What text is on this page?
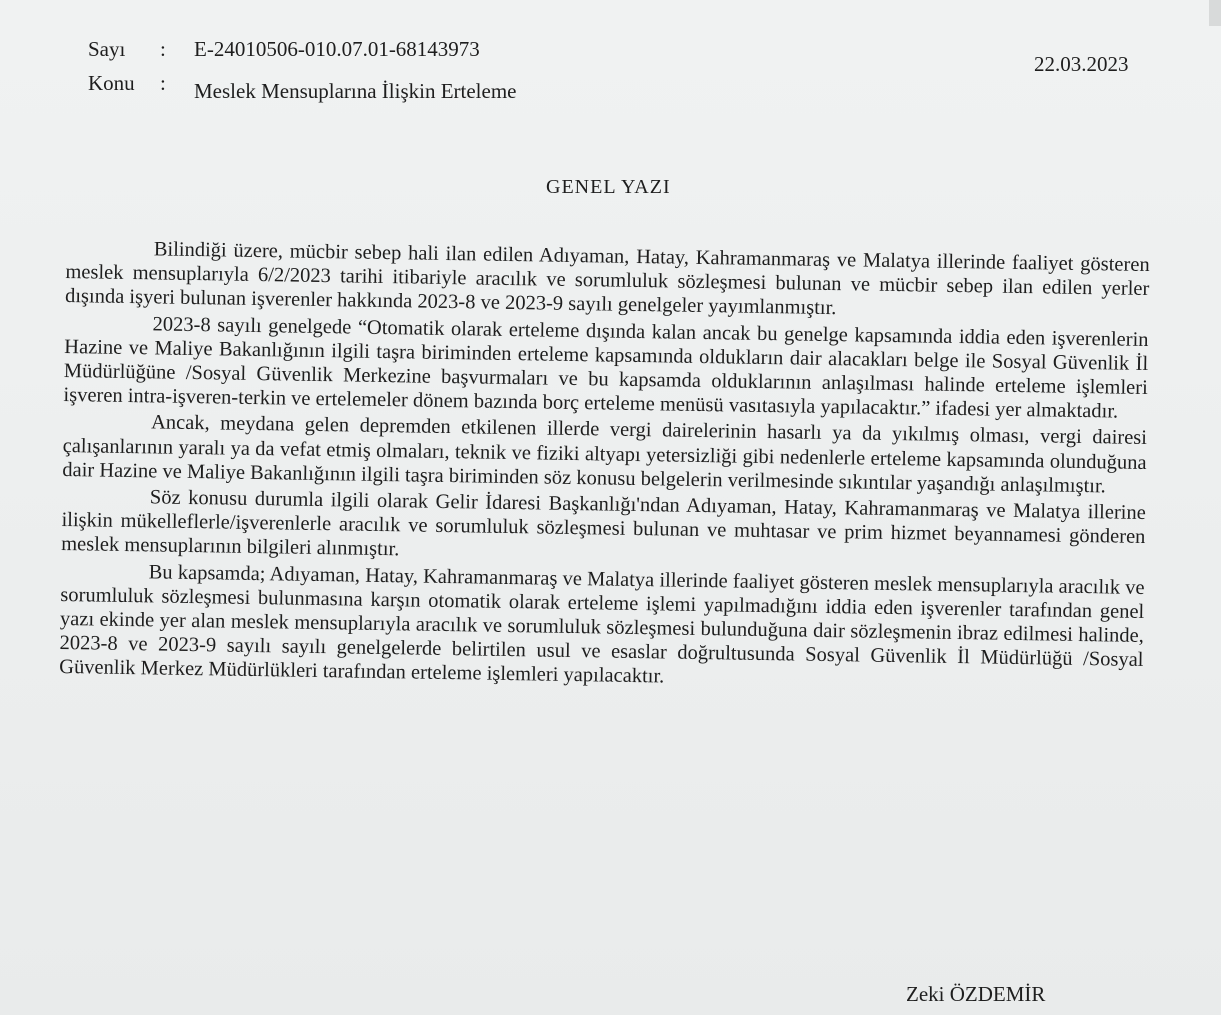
Sayı : E-24010506-010.07.01-68143973
Konu : Meslek Mensuplarına İlişkin Erteleme
22.03.2023
GENEL YAZI

Bilindiği üzere, mücbir sebep hali ilan edilen Adıyaman, Hatay, Kahramanmaraş ve Malatya illerinde faaliyet gösteren meslek mensuplarıyla 6/2/2023 tarihi itibariyle aracılık ve sorumluluk sözleşmesi bulunan ve mücbir sebep ilan edilen yerler dışında işyeri bulunan işverenler hakkında 2023-8 ve 2023-9 sayılı genelgeler yayımlanmıştır.

2023-8 sayılı genelgede “Otomatik olarak erteleme dışında kalan ancak bu genelge kapsamında iddia eden işverenlerin Hazine ve Maliye Bakanlığının ilgili taşra biriminden erteleme kapsamında oldukların dair alacakları belge ile Sosyal Güvenlik İl Müdürlüğüne /Sosyal Güvenlik Merkezine başvurmaları ve bu kapsamda olduklarının anlaşılması halinde erteleme işlemleri işveren intra-işveren-terkin ve ertelemeler dönem bazında borç erteleme menüsü vasıtasıyla yapılacaktır.” ifadesi yer almaktadır.

Ancak, meydana gelen depremden etkilenen illerde vergi dairelerinin hasarlı ya da yıkılmış olması, vergi dairesi çalışanlarının yaralı ya da vefat etmiş olmaları, teknik ve fiziki altyapı yetersizliği gibi nedenlerle erteleme kapsamında olunduğuna dair Hazine ve Maliye Bakanlığının ilgili taşra biriminden söz konusu belgelerin verilmesinde sıkıntılar yaşandığı anlaşılmıştır.

Söz konusu durumla ilgili olarak Gelir İdaresi Başkanlığı'ndan Adıyaman, Hatay, Kahramanmaraş ve Malatya illerine ilişkin mükelleflerle/işverenlerle aracılık ve sorumluluk sözleşmesi bulunan ve muhtasar ve prim hizmet beyannamesi gönderen meslek mensuplarının bilgileri alınmıştır.

Bu kapsamda; Adıyaman, Hatay, Kahramanmaraş ve Malatya illerinde faaliyet gösteren meslek mensuplarıyla aracılık ve sorumluluk sözleşmesi bulunmasına karşın otomatik olarak erteleme işlemi yapılmadığını iddia eden işverenler tarafından genel yazı ekinde yer alan meslek mensuplarıyla aracılık ve sorumluluk sözleşmesi bulunduğuna dair sözleşmenin ibraz edilmesi halinde, 2023-8 ve 2023-9 sayılı sayılı genelgelerde belirtilen usul ve esaslar doğrultusunda Sosyal Güvenlik İl Müdürlüğü /Sosyal Güvenlik Merkez Müdürlükleri tarafından erteleme işlemleri yapılacaktır.

Zeki ÖZDEMİR
